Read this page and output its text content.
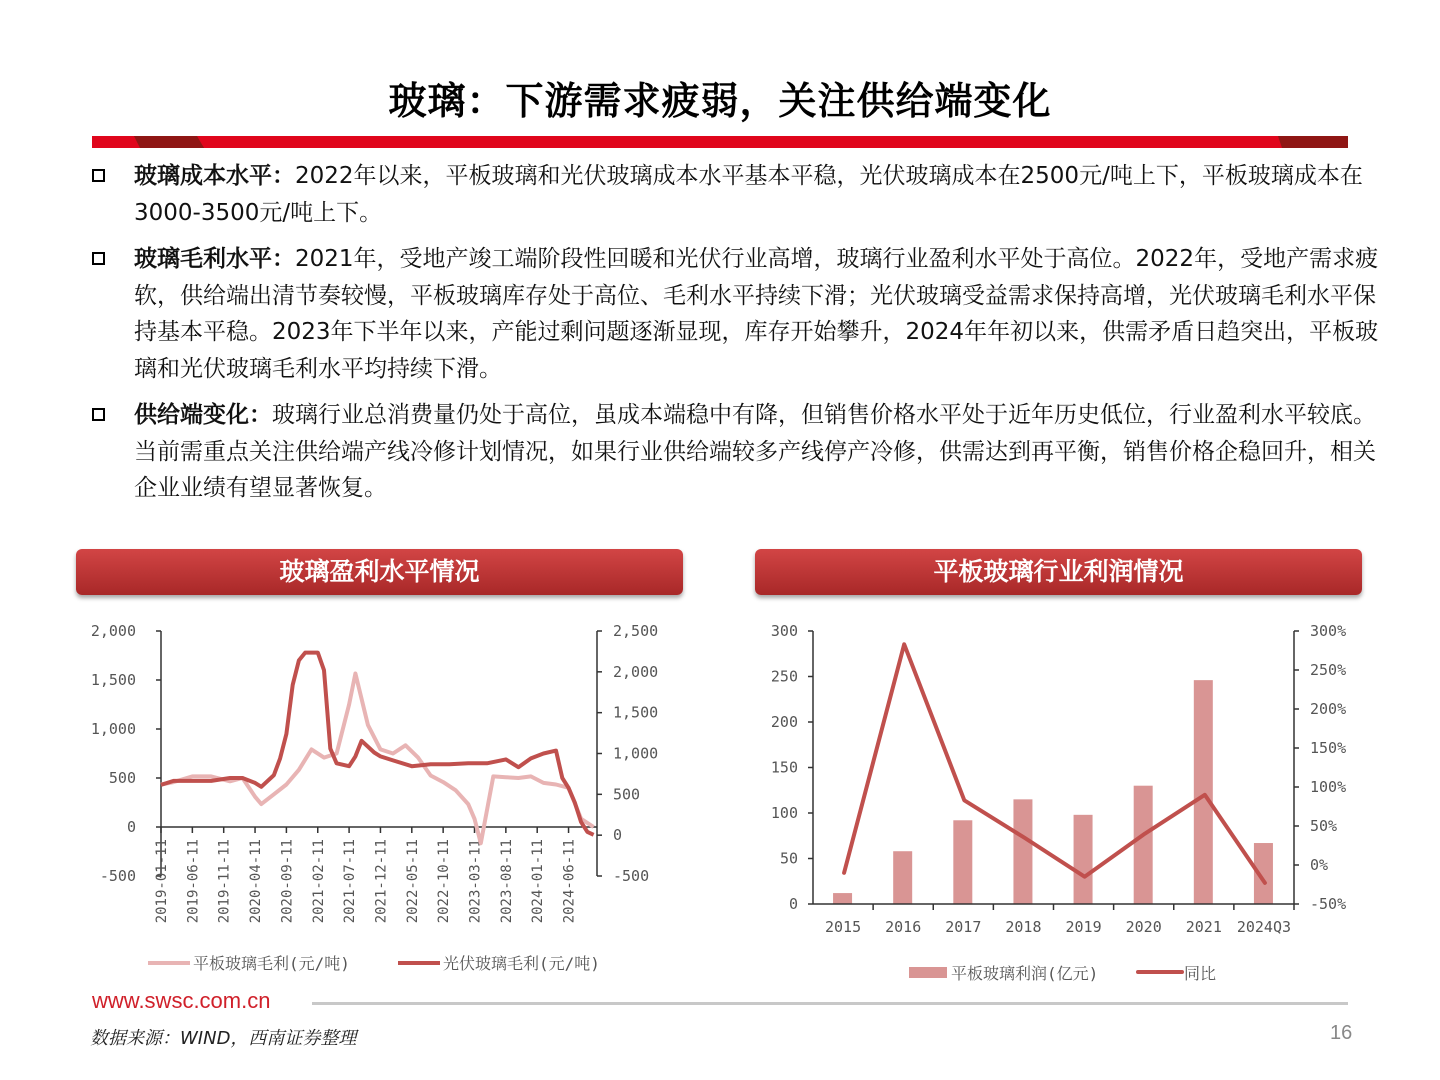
玻璃：下游需求疲弱，关注供给端变化
玻璃成本水平：2022年以来，平板玻璃和光伏玻璃成本水平基本平稳，光伏玻璃成本在2500元/吨上下，平板玻璃成本在3000-3500元/吨上下。
玻璃毛利水平：2021年，受地产竣工端阶段性回暖和光伏行业高增，玻璃行业盈利水平处于高位。2022年，受地产需求疲软，供给端出清节奏较慢，平板玻璃库存处于高位、毛利水平持续下滑；光伏玻璃受益需求保持高增，光伏玻璃毛利水平保持基本平稳。2023年下半年以来，产能过剩问题逐渐显现，库存开始攀升，2024年年初以来，供需矛盾日趋突出，平板玻璃和光伏玻璃毛利水平均持续下滑。
供给端变化：玻璃行业总消费量仍处于高位，虽成本端稳中有降，但销售价格水平处于近年历史低位，行业盈利水平较底。当前需重点关注供给端产线冷修计划情况，如果行业供给端较多产线停产冷修，供需达到再平衡，销售价格企稳回升，相关企业业绩有望显著恢复。
玻璃盈利水平情况	平板玻璃行业利润情况
2,000
1,500
1,000
500
0
-500
2,500
2,000
1,500
1,000
500
0
-500
2019-01-11 2019-06-11 2019-11-11 2020-04-11 2020-09-11 2021-02-11 2021-07-11 2021-12-11 2022-05-11 2022-10-11 2023-03-11 2023-08-11 2024-01-11 2024-06-11
平板玻璃毛利(元/吨)	光伏玻璃毛利(元/吨)
300
250
200
150
100
50
0
300%
250%
200%
150%
100%
50%
0%
-50%
2015 2016 2017 2018 2019 2020 2021 2024Q3
平板玻璃利润(亿元)	同比
www.swsc.com.cn
数据来源：WIND，西南证券整理	16
